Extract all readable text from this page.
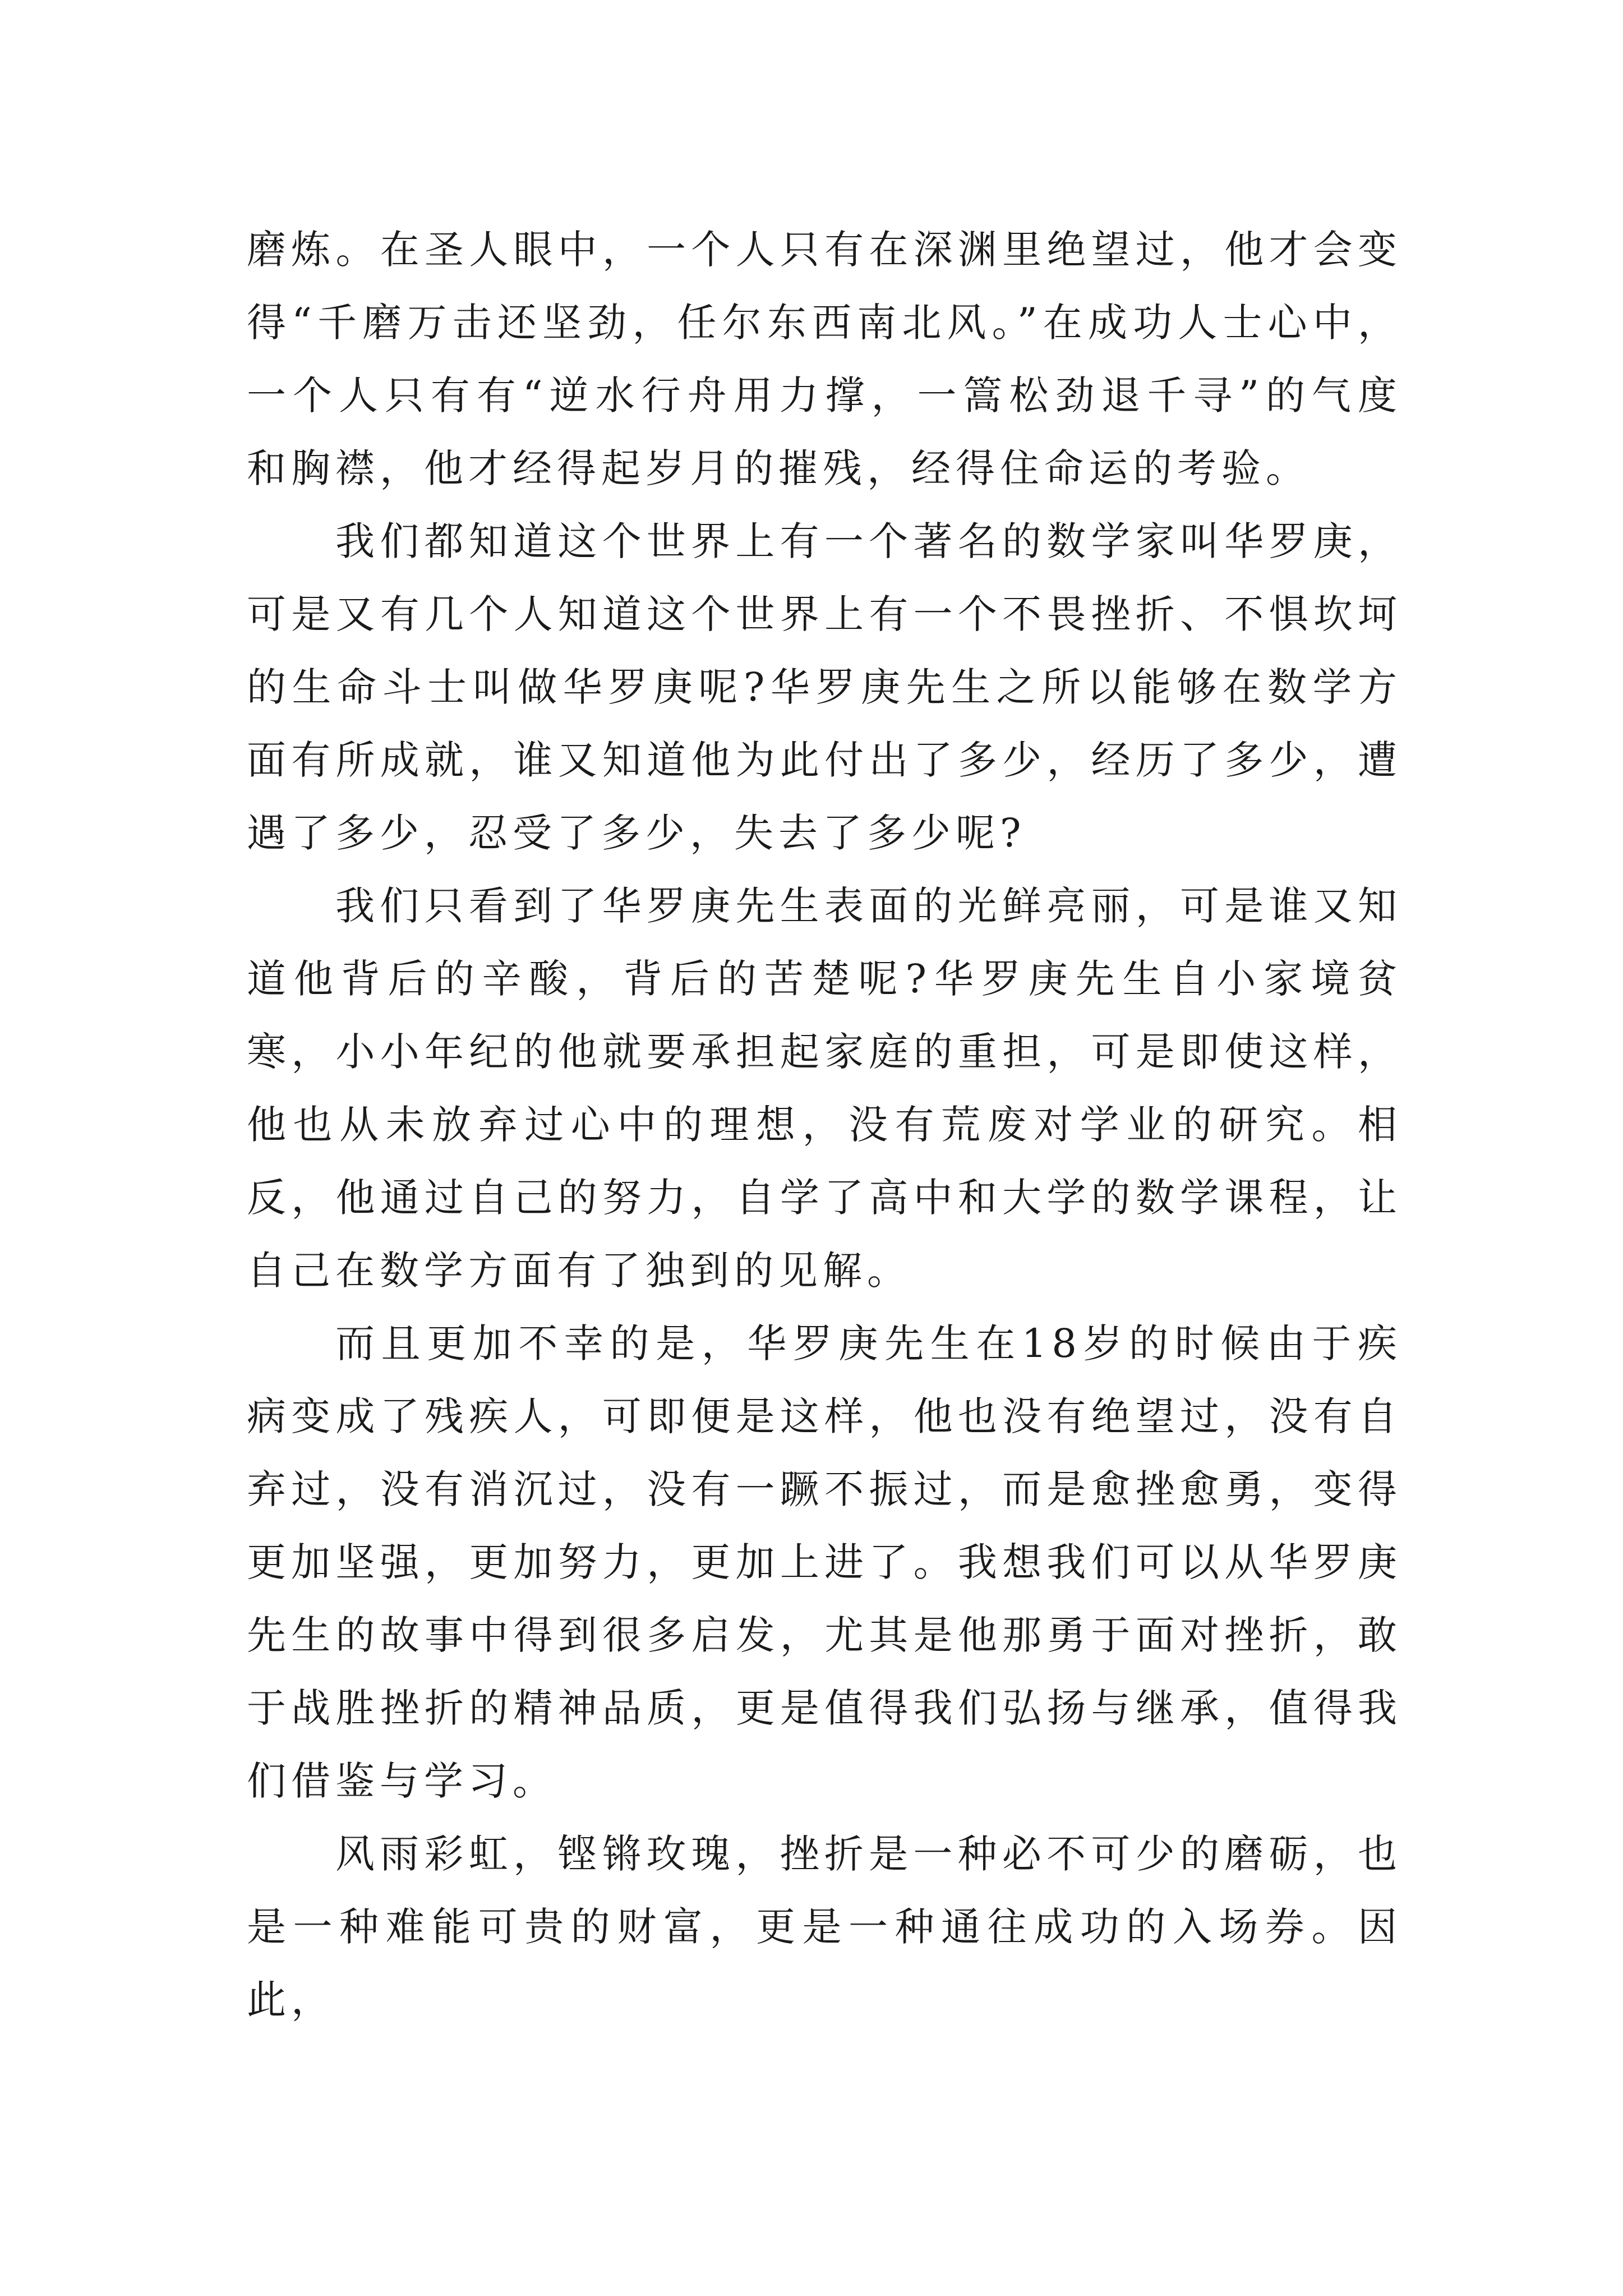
磨炼。在圣人眼中，一个人只有在深渊里绝望过，他才会变得“千磨万击还坚劲，任尔东西南北风。”在成功人士心中，一个人只有有“逆水行舟用力撑，一篙松劲退千寻”的气度和胸襟，他才经得起岁月的摧残，经得住命运的考验。

我们都知道这个世界上有一个著名的数学家叫华罗庚，可是又有几个人知道这个世界上有一个不畏挫折、不惧坎坷的生命斗士叫做华罗庚呢?华罗庚先生之所以能够在数学方面有所成就，谁又知道他为此付出了多少，经历了多少，遭遇了多少，忍受了多少，失去了多少呢?

我们只看到了华罗庚先生表面的光鲜亮丽，可是谁又知道他背后的辛酸，背后的苦楚呢?华罗庚先生自小家境贫寒，小小年纪的他就要承担起家庭的重担，可是即使这样，他也从未放弃过心中的理想，没有荒废对学业的研究。相反，他通过自己的努力，自学了高中和大学的数学课程，让自己在数学方面有了独到的见解。

而且更加不幸的是，华罗庚先生在18岁的时候由于疾病变成了残疾人，可即便是这样，他也没有绝望过，没有自弃过，没有消沉过，没有一蹶不振过，而是愈挫愈勇，变得更加坚强，更加努力，更加上进了。我想我们可以从华罗庚先生的故事中得到很多启发，尤其是他那勇于面对挫折，敢于战胜挫折的精神品质，更是值得我们弘扬与继承，值得我们借鉴与学习。

风雨彩虹，铿锵玫瑰，挫折是一种必不可少的磨砺，也是一种难能可贵的财富，更是一种通往成功的入场券。因此，
